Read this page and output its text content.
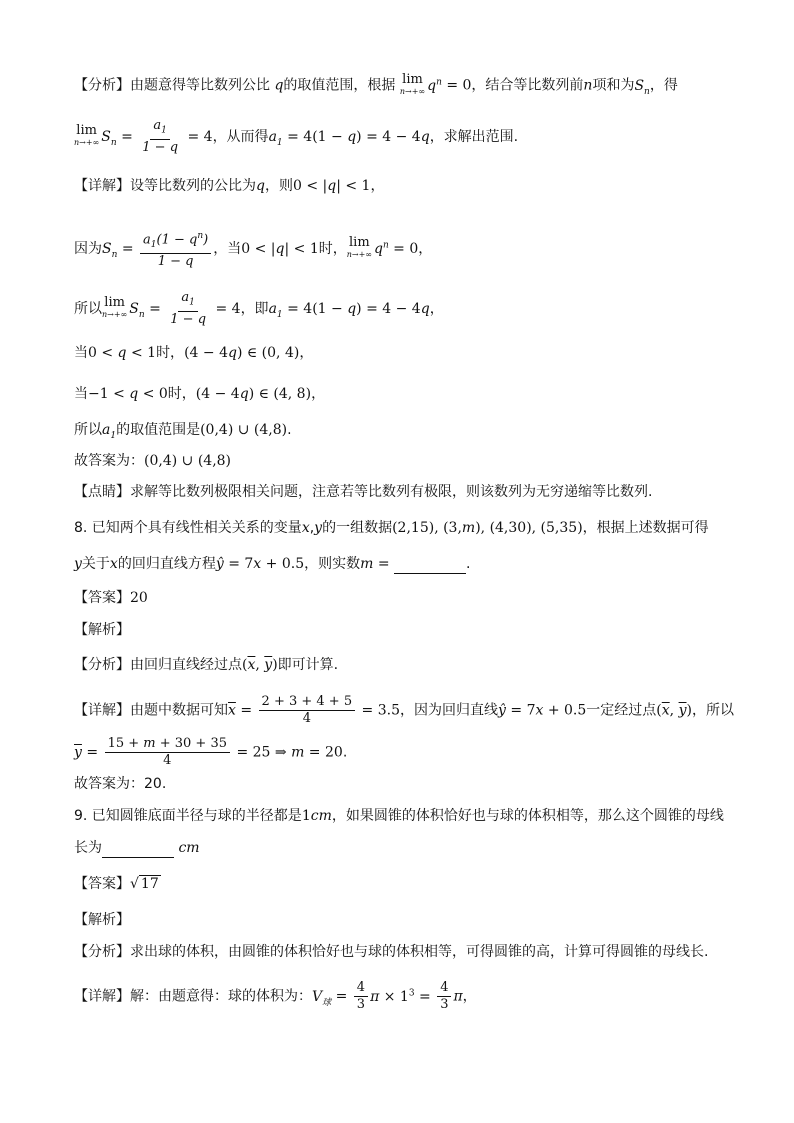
【分析】由题意得等比数列公比 q的取值范围，根据 lim
n→+∞ $q^n = 0$，结合等比数列前n项和为$S_n$，得
lim
n→+∞ $S_n = \frac{a_1}{1 - q} = 4$，从而得$a_1 = 4(1 - q) = 4 - 4q$，求解出范围.
【详解】设等比数列的公比为q，则0 < |q| < 1，
因为$S_n = \frac{a_1(1 - q^n)}{1 - q}$ ，当0 < |q| < 1时， lim
n→+∞ $q^n = 0$，
所以 lim
n→+∞ $S_n = \frac{a_1}{1 - q} = 4$，即$a_1 = 4(1 - q) = 4 - 4q$，
当0 < q < 1时，(4 − 4q) ∈ (0, 4)，
当−1 < q < 0时，(4 − 4q) ∈ (4, 8)，
所以$a_1$的取值范围是(0,4) ∪ (4,8).
故答案为：(0,4) ∪ (4,8)
【点睛】求解等比数列极限相关问题，注意若等比数列有极限，则该数列为无穷递缩等比数列.
8. 已知两个具有线性相关关系的变量x,y的一组数据(2,15), (3,m), (4,30), (5,35)，根据上述数据可得
y关于x的回归直线方程ŷ = 7x + 0.5，则实数m =	.
【答案】20
【解析】
【分析】由回归直线经过点($\overline{x}$, $\overline{y}$)即可计算.
【详解】由题中数据可知$\overline{x} = \frac{2 + 3 + 4 + 5}{4} = 3.5$，因为回归直线ŷ = 7x + 0.5一定经过点($\overline{x}$, $\overline{y}$)，所以
$\overline{y} = \frac{15 + m + 30 + 35}{4} = 25$ ⇒ m = 20.
故答案为：20.
9. 已知圆锥底面半径与球的半径都是1cm，如果圆锥的体积恰好也与球的体积相等，那么这个圆锥的母线
长为	cm
【答案】√ 17
【解析】
【分析】求出球的体积，由圆锥的体积恰好也与球的体积相等，可得圆锥的高，计算可得圆锥的母线长.
【详解】解：由题意得：球的体积为：$V_球 = \frac{4}{3}$ $\pi \times 1^3 = \frac{4}{3}$ π，
